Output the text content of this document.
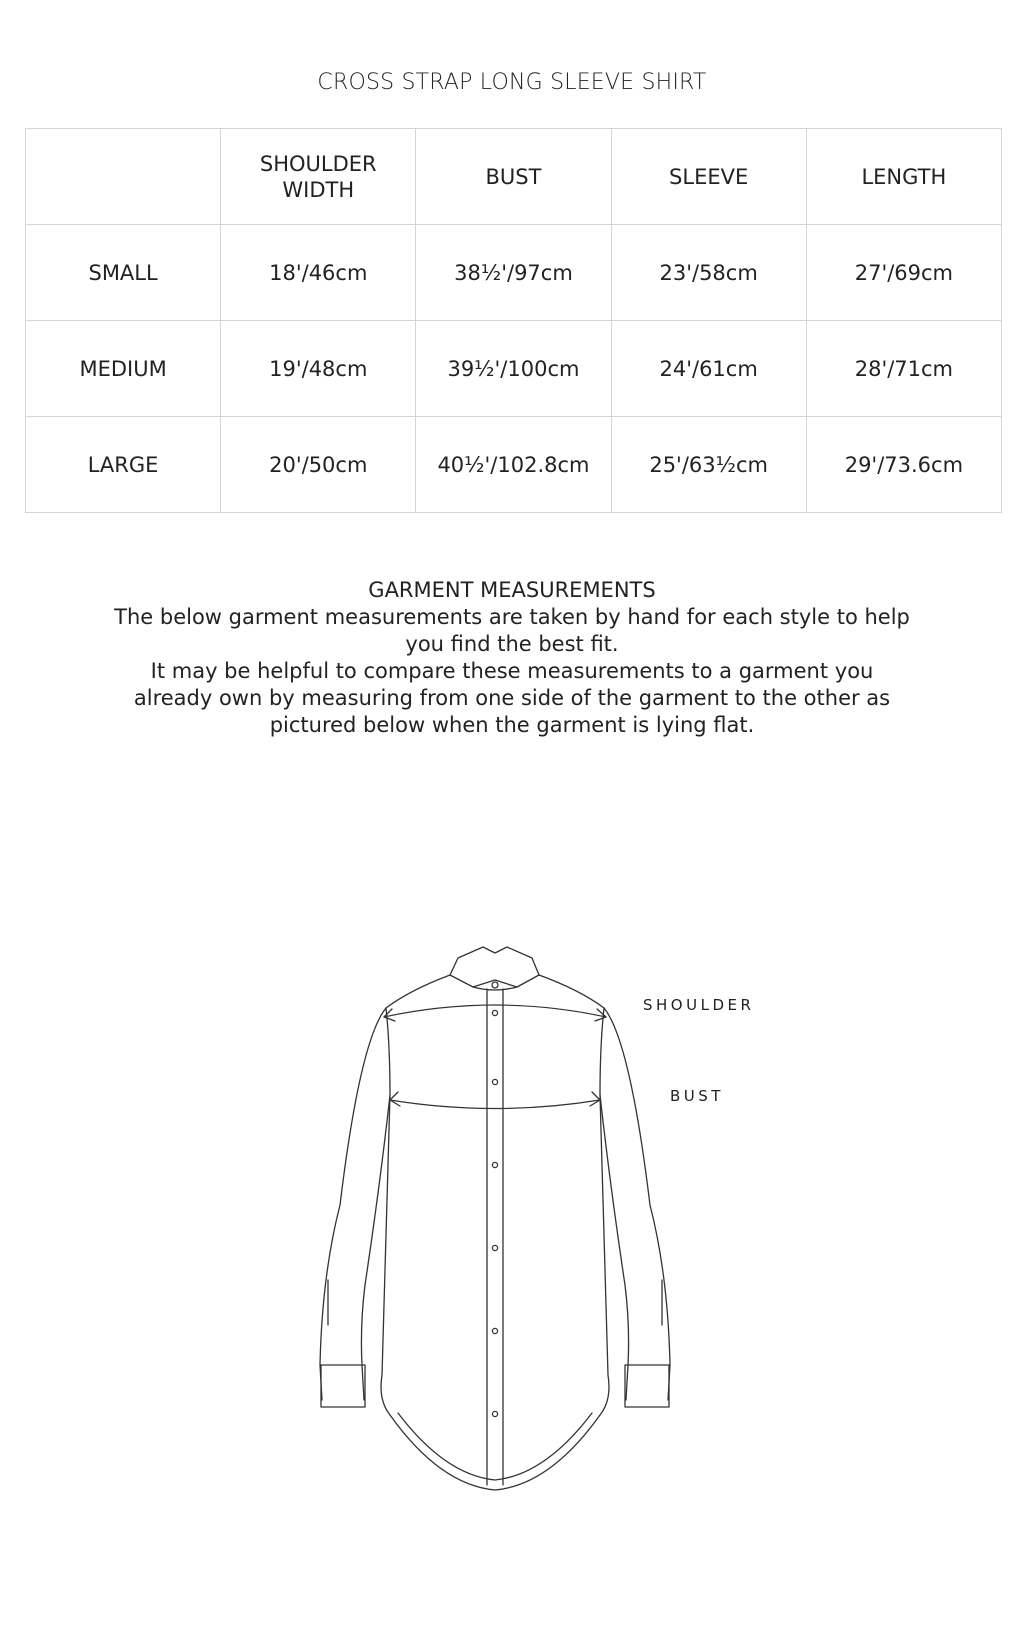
CROSS STRAP LONG SLEEVE SHIRT
	SHOULDER WIDTH	BUST	SLEEVE	LENGTH
SMALL	18'/46cm	38½'/97cm	23'/58cm	27'/69cm
MEDIUM	19'/48cm	39½'/100cm	24'/61cm	28'/71cm
LARGE	20'/50cm	40½'/102.8cm	25'/63½cm	29'/73.6cm

GARMENT MEASUREMENTS

The below garment measurements are taken by hand for each style to help you find the best fit.

It may be helpful to compare these measurements to a garment you already own by measuring from one side of the garment to the other as pictured below when the garment is lying flat.

SHOULDER
BUST
